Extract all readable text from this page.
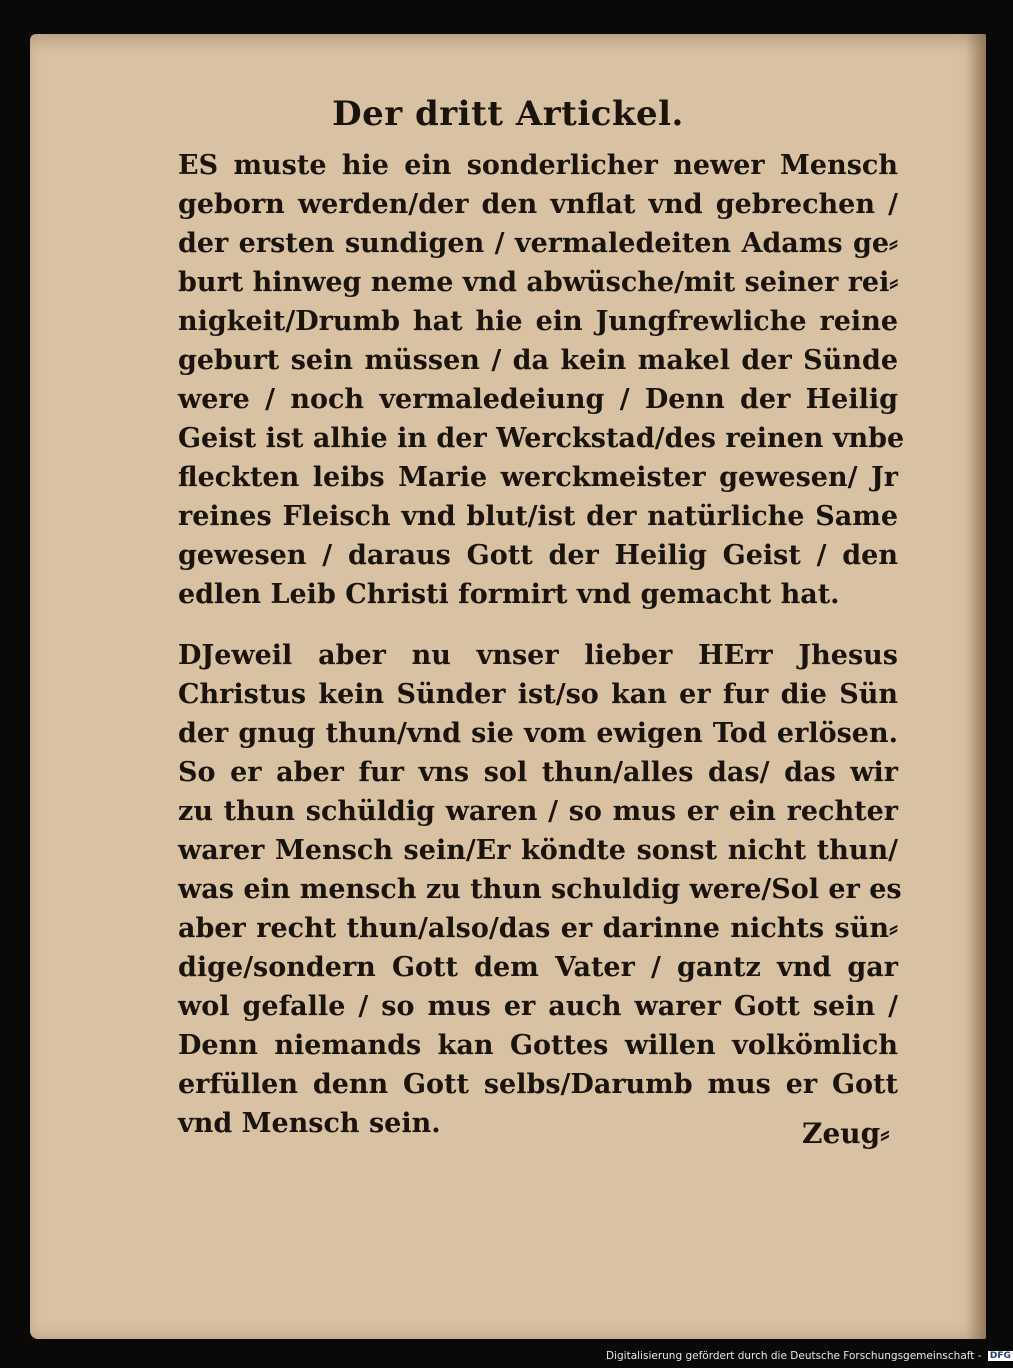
Der dritt Artickel.
ES muste hie ein sonderlicher newer Mensch
geborn werden/der den vnflat vnd gebrechen /
der ersten sundigen / vermaledeiten Adams ge⸗
burt hinweg neme vnd abwüsche/mit seiner rei⸗
nigkeit/Drumb hat hie ein Jungfrewliche reine
geburt sein müssen / da kein makel der Sünde
were / noch vermaledeiung / Denn der Heilig
Geist ist alhie in der Werckstad/des reinen vnbe
fleckten leibs Marie werckmeister gewesen/ Jr
reines Fleisch vnd blut/ist der natürliche Same
gewesen / daraus Gott der Heilig Geist / den
edlen Leib Christi formirt vnd gemacht hat.
DJeweil aber nu vnser lieber HErr Jhesus
Christus kein Sünder ist/so kan er fur die Sün
der gnug thun/vnd sie vom ewigen Tod erlösen.
So er aber fur vns sol thun/alles das/ das wir
zu thun schüldig waren / so mus er ein rechter
warer Mensch sein/Er köndte sonst nicht thun/
was ein mensch zu thun schuldig were/Sol er es
aber recht thun/also/das er darinne nichts sün⸗
dige/sondern Gott dem Vater / gantz vnd gar
wol gefalle / so mus er auch warer Gott sein /
Denn niemands kan Gottes willen volkömlich
erfüllen denn Gott selbs/Darumb mus er Gott
vnd Mensch sein.	Zeug⸗
Digitalisierung gefördert durch die Deutsche Forschungsgemeinschaft - DFG
